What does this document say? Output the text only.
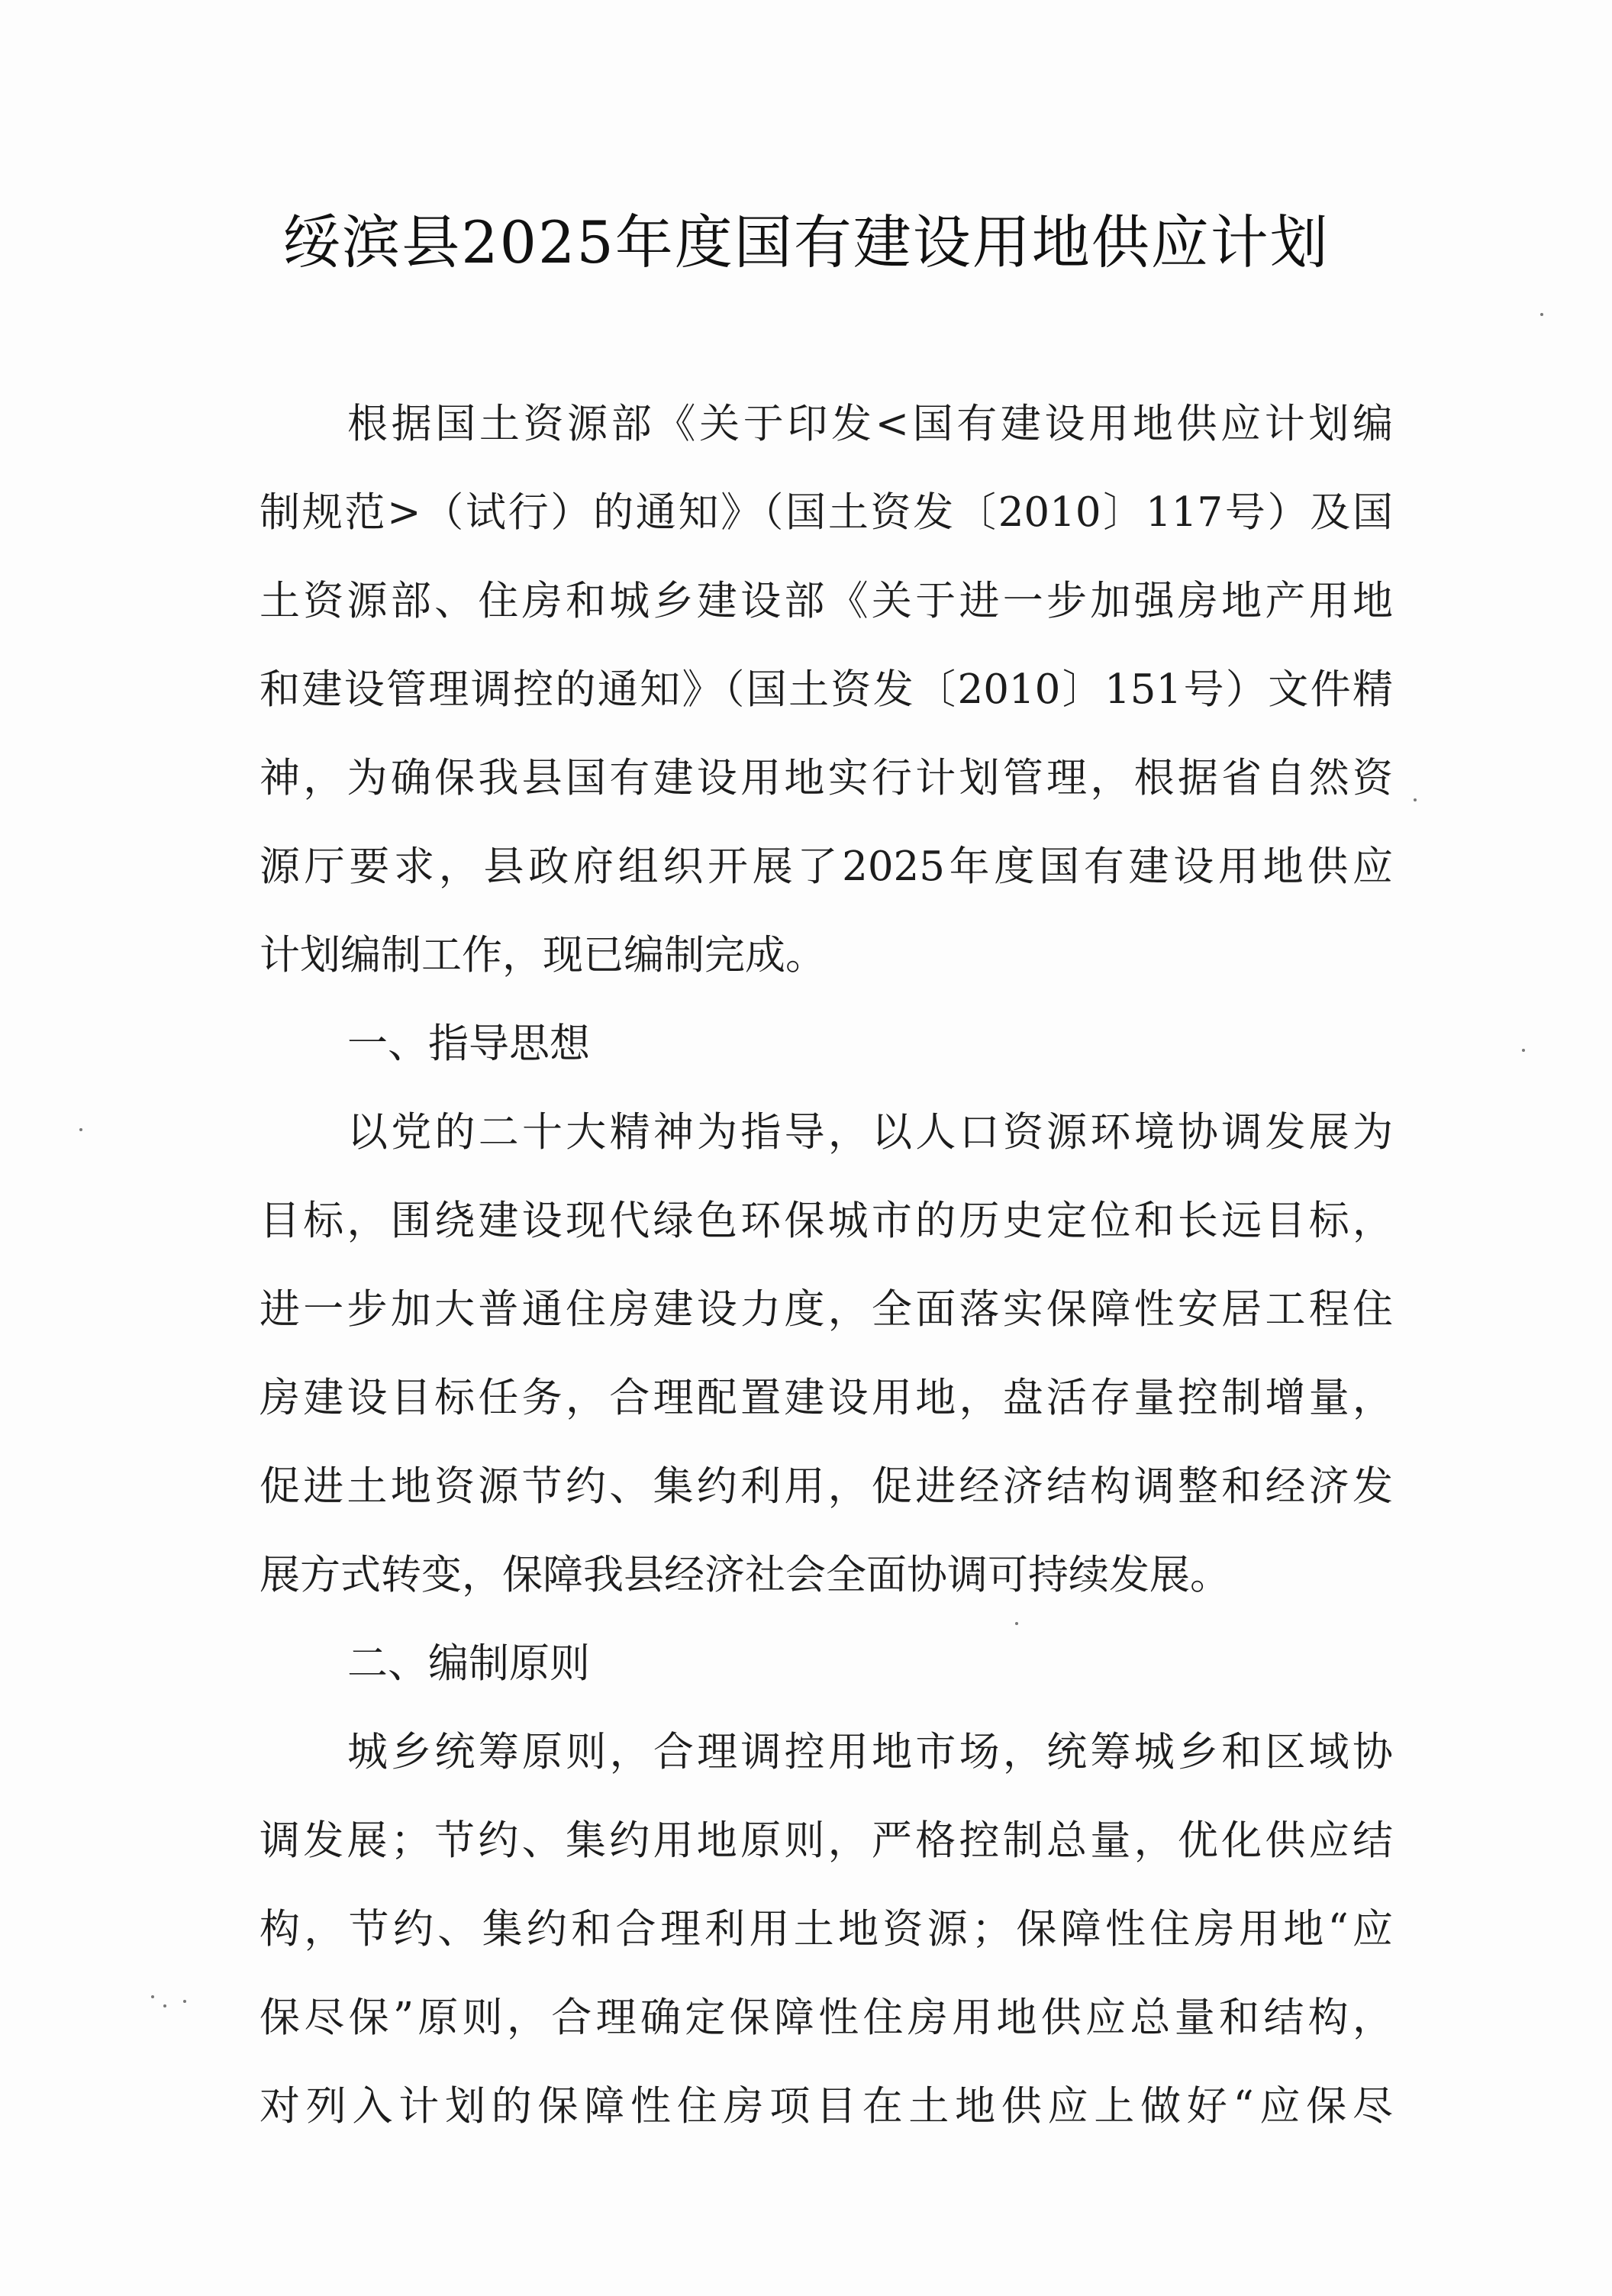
绥滨县2025年度国有建设用地供应计划
根据国土资源部《关于印发<国有建设用地供应计划编
制规范>（试行）的通知》（国土资发〔2010〕117号）及国
土资源部、住房和城乡建设部《关于进一步加强房地产用地
和建设管理调控的通知》（国土资发〔2010〕151号）文件精
神，为确保我县国有建设用地实行计划管理，根据省自然资
源厅要求，县政府组织开展了2025年度国有建设用地供应
计划编制工作，现已编制完成。
一、指导思想
以党的二十大精神为指导，以人口资源环境协调发展为
目标，围绕建设现代绿色环保城市的历史定位和长远目标，
进一步加大普通住房建设力度，全面落实保障性安居工程住
房建设目标任务，合理配置建设用地，盘活存量控制增量，
促进土地资源节约、集约利用，促进经济结构调整和经济发
展方式转变，保障我县经济社会全面协调可持续发展。
二、编制原则
城乡统筹原则，合理调控用地市场，统筹城乡和区域协
调发展；节约、集约用地原则，严格控制总量，优化供应结
构，节约、集约和合理利用土地资源；保障性住房用地“应
保尽保”原则，合理确定保障性住房用地供应总量和结构，
对列入计划的保障性住房项目在土地供应上做好“应保尽
